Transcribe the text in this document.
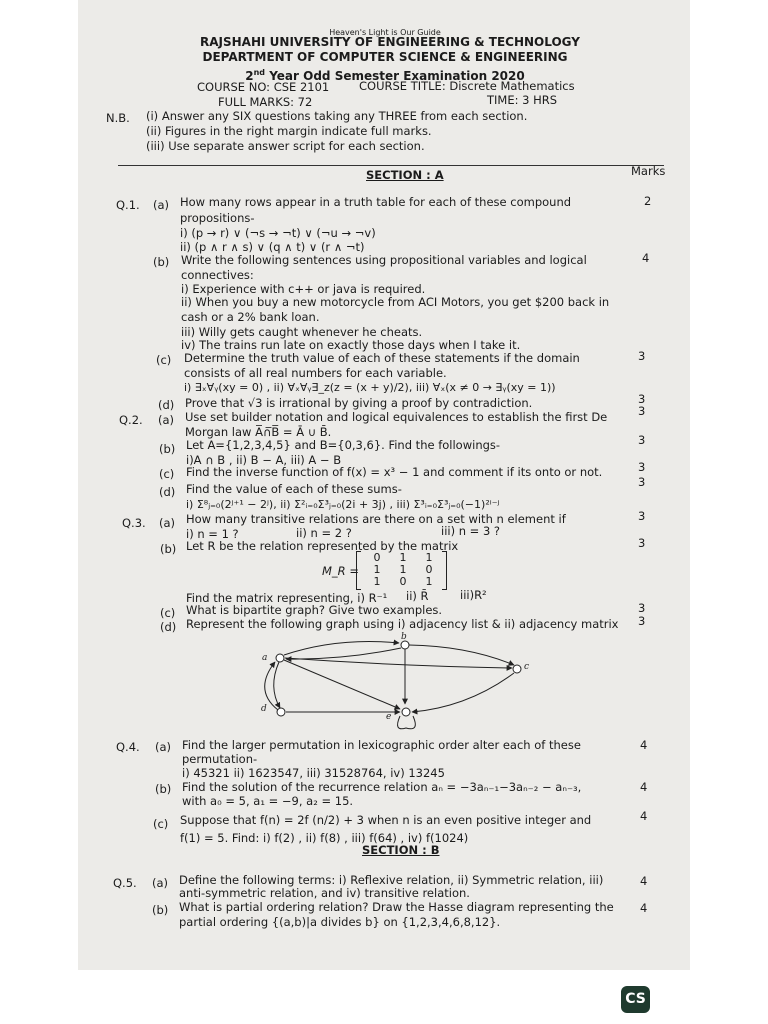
Heaven's Light is Our Guide
RAJSHAHI UNIVERSITY OF ENGINEERING & TECHNOLOGY
DEPARTMENT OF COMPUTER SCIENCE & ENGINEERING
2nd Year Odd Semester Examination 2020
COURSE NO: CSE 2101	COURSE TITLE: Discrete Mathematics
FULL MARKS: 72	TIME: 3 HRS
N.B. (i) Answer any SIX questions taking any THREE from each section.
(ii) Figures in the right margin indicate full marks.
(iii) Use separate answer script for each section.
SECTION : A	Marks
Q.1. (a) How many rows appear in a truth table for each of these compound
propositions-
i) (p → r) ∨ (¬s → ¬t) ∨ (¬u → ¬v)
ii) (p ∧ r ∧ s) ∨ (q ∧ t) ∨ (r ∧ ¬t)
(b) Write the following sentences using propositional variables and logical
connectives:
i) Experience with c++ or java is required.
ii) When you buy a new motorcycle from ACI Motors, you get $200 back in
cash or a 2% bank loan.
iii) Willy gets caught whenever he cheats.
iv) The trains run late on exactly those days when I take it.
(c) Determine the truth value of each of these statements if the domain
consists of all real numbers for each variable.
i) ∃ₓ∀ᵧ(xy = 0) , ii) ∀ₓ∀ᵧ∃_z(z = (x + y)/2), iii) ∀ₓ(x ≠ 0 → ∃ᵧ(xy = 1))
(d) Prove that √3 is irrational by giving a proof by contradiction.
2
4
3
3
Q.2. (a) Use set builder notation and logical equivalences to establish the first De
Morgan law A̅∩̅B̅ = Ā ∪ B̄.
(b) Let A={1,2,3,4,5} and B={0,3,6}. Find the followings-
i)A ∩ B , ii) B − A, iii) A − B
(c) Find the inverse function of f(x) = x³ − 1 and comment if its onto or not.
(d) Find the value of each of these sums-
i) Σ⁸ⱼ₌₀(2ʲ⁺¹ − 2ʲ), ii) Σ²ᵢ₌₀Σ³ⱼ₌₀(2i + 3j) , iii) Σ³ᵢ₌₀Σ³ⱼ₌₀(−1)²ⁱ⁻ʲ
3
3
3
3
Q.3. (a) How many transitive relations are there on a set with n element if
i) n = 1 ?	ii) n = 2 ?	iii) n = 3 ?
(b) Let R be the relation represented by the matrix
M_R =
0 1 1
1 1 0
1 0 1
Find the matrix representing, i) R⁻¹ ii) R̄	iii)R²
(c) What is bipartite graph? Give two examples.
(d) Represent the following graph using i) adjacency list & ii) adjacency matrix
3
3
3
3
a
b
c
d
e
Q.4. (a) Find the larger permutation in lexicographic order alter each of these
permutation-
i) 45321 ii) 1623547, iii) 31528764, iv) 13245
(b) Find the solution of the recurrence relation aₙ = −3aₙ₋₁−3aₙ₋₂ − aₙ₋₃,
with a₀ = 5, a₁ = −9, a₂ = 15.
(c) Suppose that f(n) = 2f (n/2) + 3 when n is an even positive integer and
f(1) = 5. Find: i) f(2) , ii) f(8) , iii) f(64) , iv) f(1024)
4
4
4
SECTION : B
Q.5. (a) Define the following terms: i) Reflexive relation, ii) Symmetric relation, iii)
anti-symmetric relation, and iv) transitive relation.
(b) What is partial ordering relation? Draw the Hasse diagram representing the
partial ordering {(a,b)|a divides b} on {1,2,3,4,6,8,12}.
4
4
CS
